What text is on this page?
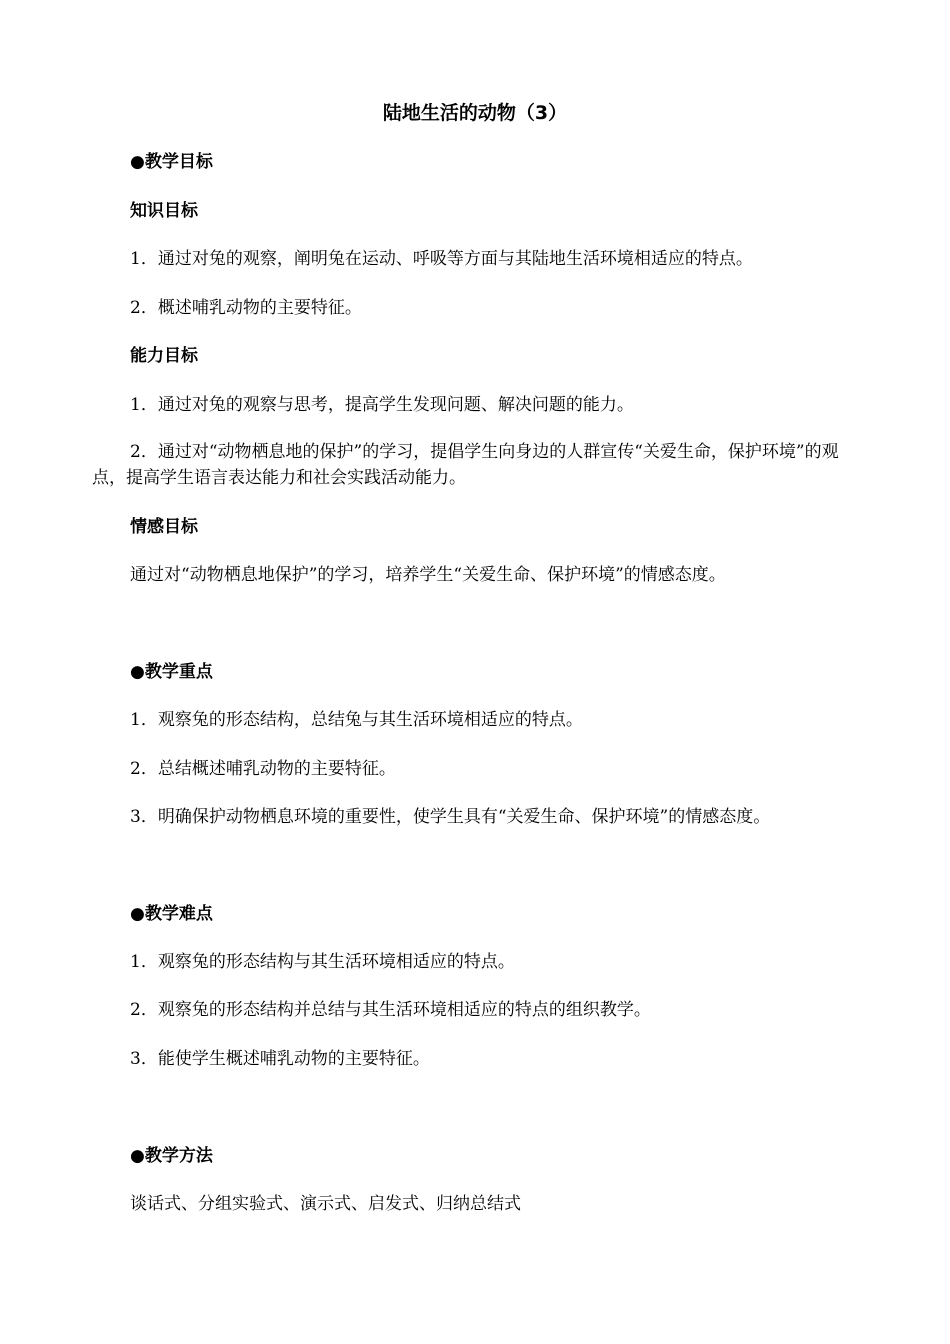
陆地生活的动物（3）
●教学目标
知识目标
1．通过对兔的观察，阐明兔在运动、呼吸等方面与其陆地生活环境相适应的特点。
2．概述哺乳动物的主要特征。
能力目标
1．通过对兔的观察与思考，提高学生发现问题、解决问题的能力。
2．通过对“动物栖息地的保护”的学习，提倡学生向身边的人群宣传“关爱生命，保护环境”的观点，提高学生语言表达能力和社会实践活动能力。
情感目标
通过对“动物栖息地保护”的学习，培养学生“关爱生命、保护环境”的情感态度。
●教学重点
1．观察兔的形态结构，总结兔与其生活环境相适应的特点。
2．总结概述哺乳动物的主要特征。
3．明确保护动物栖息环境的重要性，使学生具有“关爱生命、保护环境”的情感态度。
●教学难点
1．观察兔的形态结构与其生活环境相适应的特点。
2．观察兔的形态结构并总结与其生活环境相适应的特点的组织教学。
3．能使学生概述哺乳动物的主要特征。
●教学方法
谈话式、分组实验式、演示式、启发式、归纳总结式
